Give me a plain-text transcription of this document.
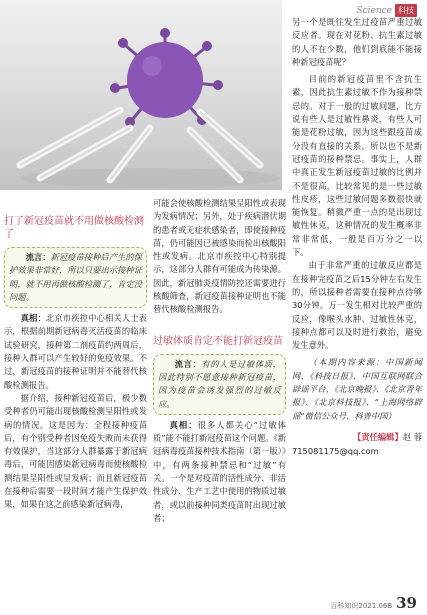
Science 科技
打了新冠疫苗就不用做核酸检测了

流言：新冠疫苗接种后产生的保护效果非常好，所以只要出示接种证明，就不用再做核酸检测了，肯定没问题。

真相：北京市疾控中心相关人士表示，根据前期新冠病毒灭活疫苗的临床试验研究，接种第二剂疫苗约两周后，接种人群可以产生较好的免疫效果。不过，新冠疫苗的接种证明并不能替代核酸检测报告。

据介绍，接种新冠疫苗后，极少数受种者仍可能出现核酸检测呈阳性或发病的情况。这是因为：全程接种疫苗后，有个别受种者因免疫失败而未获得有效保护，当这部分人群暴露于新冠病毒后，可能因感染新冠病毒而使核酸检测结果呈阳性或呈发病；而且新冠疫苗在接种后需要一段时间才能产生保护效果，如果在这之前感染新冠病毒，

可能会使核酸检测结果呈阳性或表现为发病情况；另外，处于疾病潜伏期的患者或无症状感染者，即使接种疫苗，仍可能因已被感染而检出核酸阳性或发病。北京市疾控中心特别提示，这部分人群有可能成为传染源。因此，新冠肺炎疫情防控还需要进行核酸筛查，新冠疫苗接种证明也不能替代核酸检测报告。

过敏体质肯定不能打新冠疫苗

流言：有的人是过敏体质，因此特别不愿意接种新冠疫苗，因为疫苗会诱发强烈的过敏反应。

真相：很多人都关心“过敏体质”能不能打新冠疫苗这个问题。《新冠病毒疫苗接种技术指南（第一版）》中，有两条接种禁忌和“过敏”有关。一个是对疫苗的活性成分、非活性成分、生产工艺中使用的物质过敏者，或以前接种同类疫苗时出现过敏者；

另一个是既往发生过疫苗严重过敏反应者。现在对花粉、抗生素过敏的人不在少数，他们到底能不能接种新冠疫苗呢？

目前的新冠疫苗里不含抗生素，因此抗生素过敏不作为接种禁忌的。对于一般的过敏问题，比方说有些人是过敏性鼻炎，有些人可能是花粉过敏，因为这些跟疫苗成分没有直接的关系，所以也不是新冠疫苗的接种禁忌。事实上，人群中真正发生新冠疫苗过敏的比例并不是很高，比较常见的是一些过敏性皮疹，这些过敏问题多数很快就能恢复。稍微严重一点的是出现过敏性休克，这种情况的发生概率非常非常低，一般是百万分之一以下。

由于非常严重的过敏反应都是在接种完疫苗之后15分钟左右发生的，所以接种者需要在接种点待够30分钟。万一发生相对比较严重的反应，像喉头水肿、过敏性休克，接种点都可以及时进行救治，避免发生意外。

（本期内容来源：中国新闻网、《科技日报》、中国互联网联合辟谣平台、《北京晚报》、《北京青年报》、《北京科技报》、“上海网络辟谣”微信公众号、科普中国）

【责任编辑】赵 蓉
715081175@qq.com
百科知识2021.06B 39
